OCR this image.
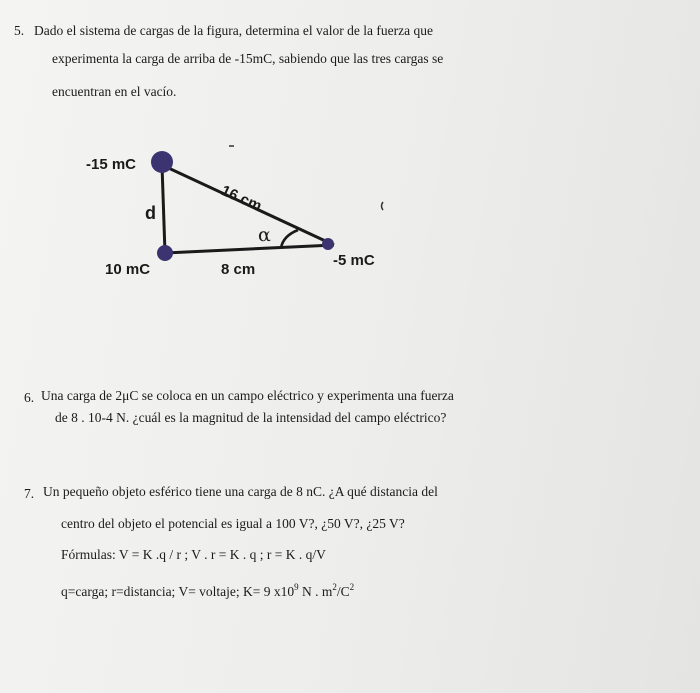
5. Dado el sistema de cargas de la figura, determina el valor de la fuerza que
experimenta la carga de arriba de -15mC, sabiendo que las tres cargas se
encuentran en el vacío.
-15 mC
d	16 cm
10 mC	8 cm
-5 mC
α
6. Una carga de 2μC se coloca en un campo eléctrico y experimenta una fuerza
de 8 . 10-4 N. ¿cuál es la magnitud de la intensidad del campo eléctrico?
7. Un pequeño objeto esférico tiene una carga de 8 nC. ¿A qué distancia del
centro del objeto el potencial es igual a 100 V?, ¿50 V?, ¿25 V?
Fórmulas: V = K .q / r ; V . r = K . q ; r = K . q/V
q=carga; r=distancia; V= voltaje; K= 9 $x10^9$ N . $m^2/C^2$
